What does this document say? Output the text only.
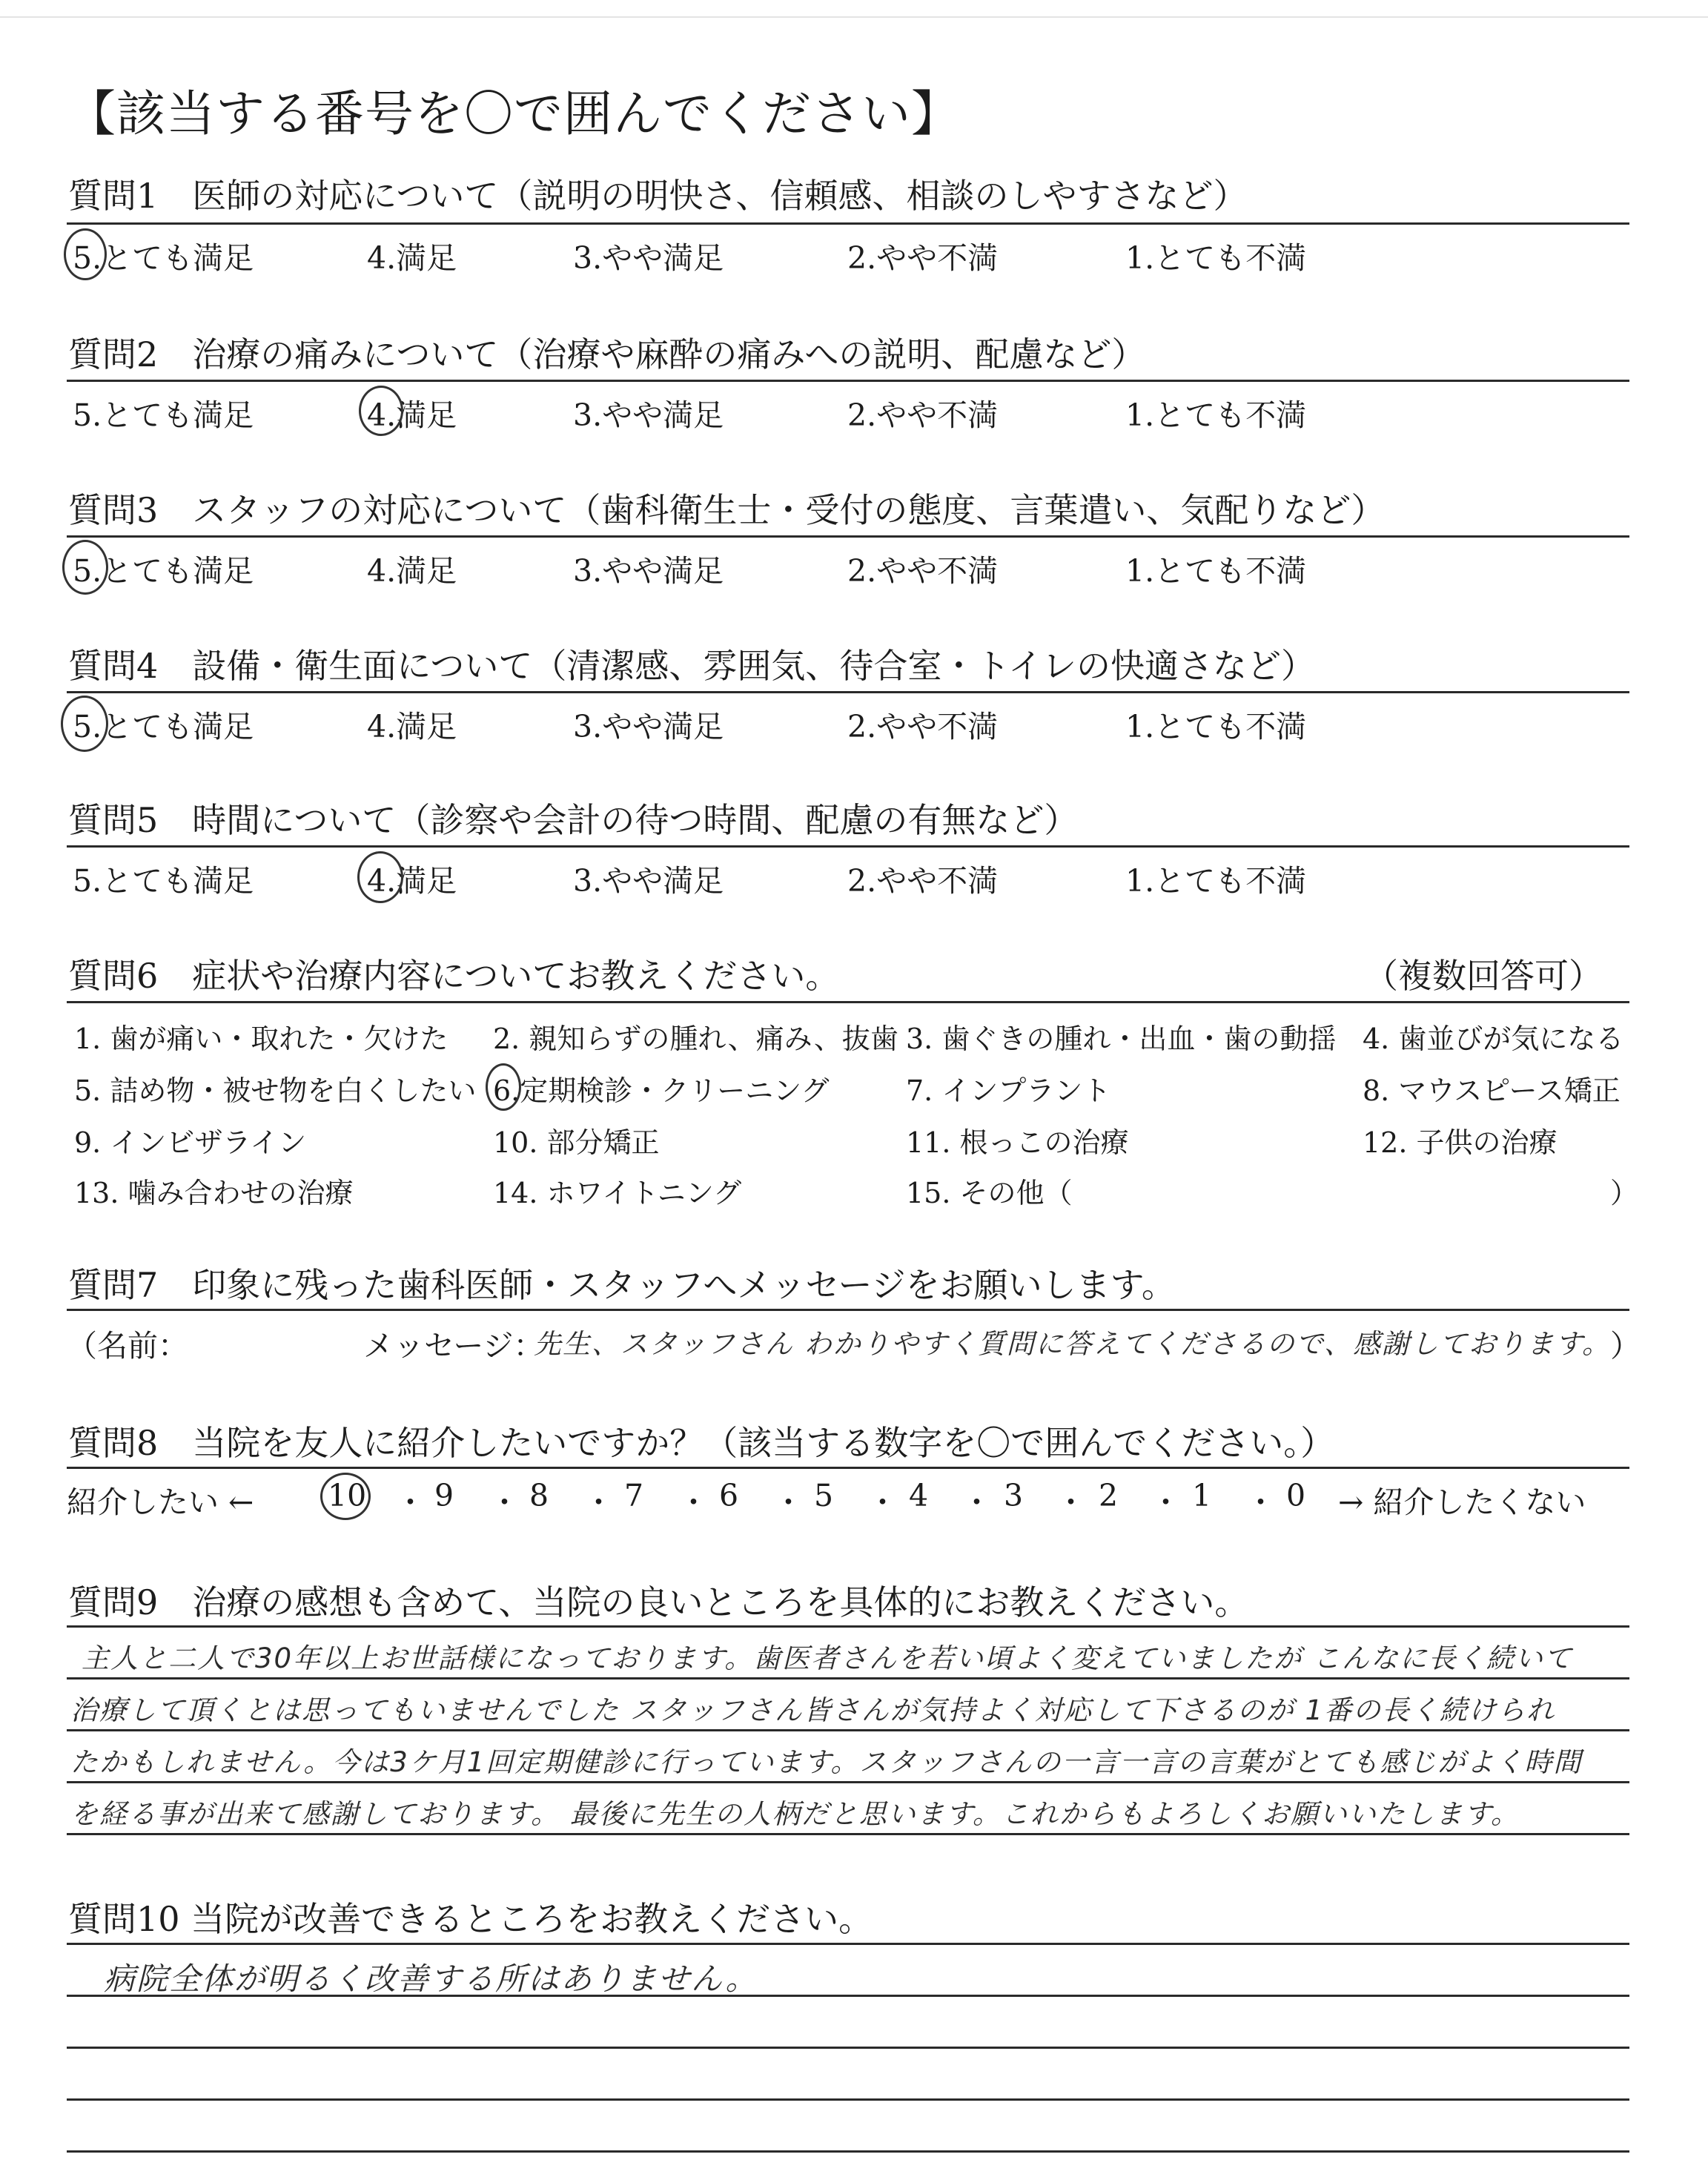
【該当する番号を〇で囲んでください】
質問1　医師の対応について（説明の明快さ、信頼感、相談のしやすさなど）
5.とても満足	4.満足	3.やや満足	2.やや不満	1.とても不満
質問2　治療の痛みについて（治療や麻酔の痛みへの説明、配慮など）
5.とても満足	4.満足	3.やや満足	2.やや不満	1.とても不満
質問3　スタッフの対応について（歯科衛生士・受付の態度、言葉遣い、気配りなど）
5.とても満足	4.満足	3.やや満足	2.やや不満	1.とても不満
質問4　設備・衛生面について（清潔感、雰囲気、待合室・トイレの快適さなど）
5.とても満足	4.満足	3.やや満足	2.やや不満	1.とても不満
質問5　時間について（診察や会計の待つ時間、配慮の有無など）
5.とても満足	4.満足	3.やや満足	2.やや不満	1.とても不満
質問6　症状や治療内容についてお教えください。	（複数回答可）
1. 歯が痛い・取れた・欠けた 2. 親知らずの腫れ、痛み、抜歯 3. 歯ぐきの腫れ・出血・歯の動揺 4. 歯並びが気になる
5. 詰め物・被せ物を白くしたい 6.定期検診・クリーニング	7. インプラント	8. マウスピース矯正
9. インビザライン	10. 部分矯正	11. 根っこの治療	12. 子供の治療
13. 噛み合わせの治療	14. ホワイトニング	15. その他（	）
質問7　印象に残った歯科医師・スタッフへメッセージをお願いします。
（名前：	メッセージ：
先生、スタッフさん わかりやすく質問に答えてくださるので、感謝しております。
）
質問8　当院を友人に紹介したいですか？（該当する数字を〇で囲んでください。）
紹介したい ← 10 ・ 9 ・ 8 ・ 7 ・ 6 ・ 5 ・ 4 ・ 3 ・ 2 ・ 1 ・ 0 → 紹介したくない
質問9　治療の感想も含めて、当院の良いところを具体的にお教えください。
主人と二人で30年以上お世話様になっております。歯医者さんを若い頃よく変えていましたが こんなに長く続いて
治療して頂くとは思ってもいませんでした スタッフさん皆さんが気持よく対応して下さるのが 1番の長く続けられ
たかもしれません。今は3ケ月1回定期健診に行っています。スタッフさんの一言一言の言葉がとても感じがよく時間
を経る事が出来て感謝しております。 最後に先生の人柄だと思います。これからもよろしくお願いいたします。
質問10 当院が改善できるところをお教えください。
病院全体が明るく改善する所はありません。
